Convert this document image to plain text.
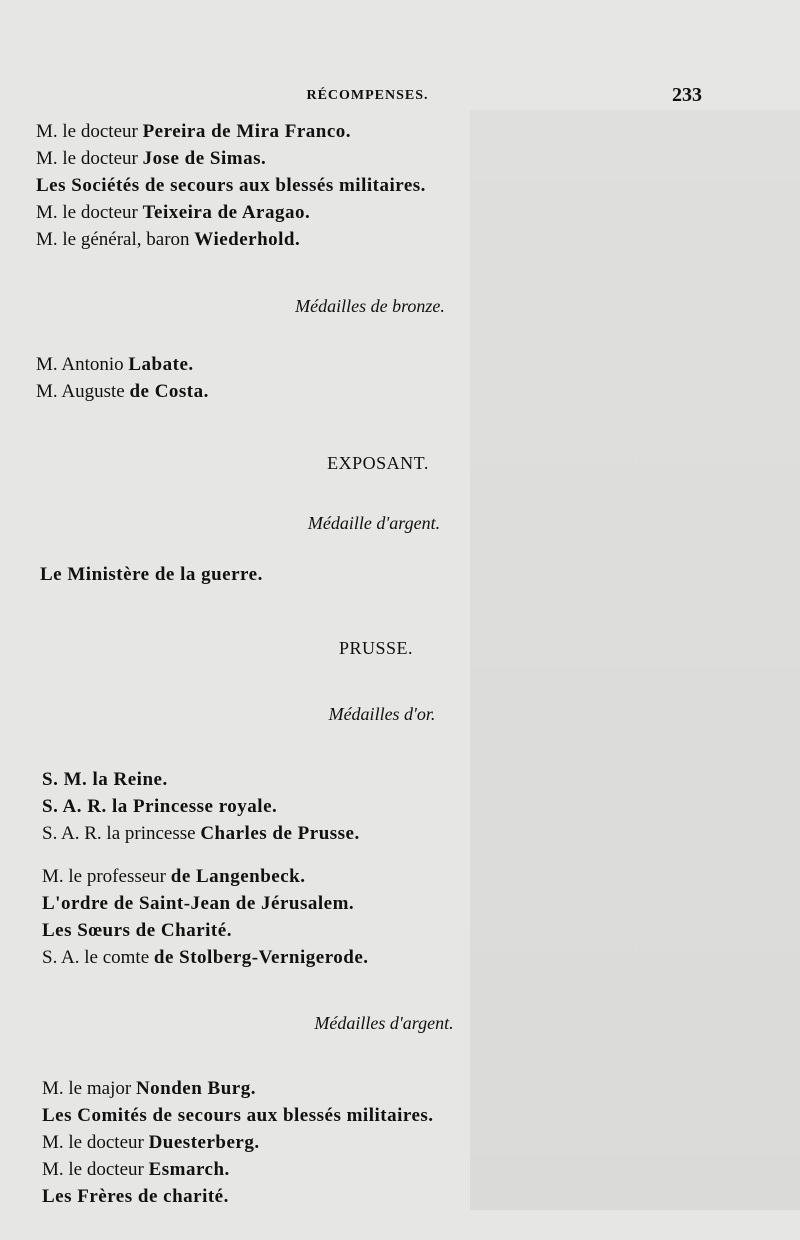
RÉCOMPENSES.	233
M. le docteur Pereira de Mira Franco.
M. le docteur Jose de Simas.
Les Sociétés de secours aux blessés militaires.
M. le docteur Teixeira de Aragao.
M. le général, baron Wiederhold.
Médailles de bronze.
M. Antonio Labate.
M. Auguste de Costa.
EXPOSANT.
Médaille d'argent.
Le Ministère de la guerre.
PRUSSE.
Médailles d'or.
S. M. la Reine.
S. A. R. la Princesse royale.
S. A. R. la princesse Charles de Prusse.
M. le professeur de Langenbeck.
L'ordre de Saint-Jean de Jérusalem.
Les Sœurs de Charité.
S. A. le comte de Stolberg-Vernigerode.
Médailles d'argent.
M. le major Nonden Burg.
Les Comités de secours aux blessés militaires.
M. le docteur Duesterberg.
M. le docteur Esmarch.
Les Frères de charité.
